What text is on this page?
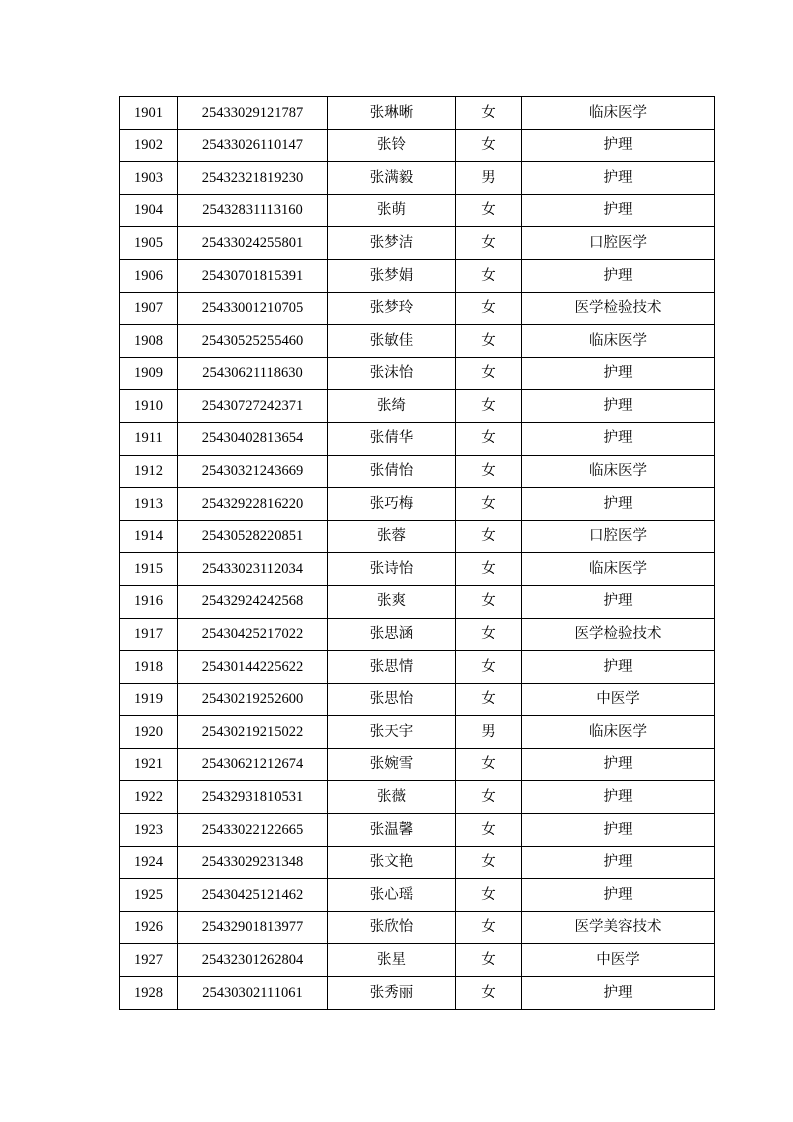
1901	25433029121787	张琳晰	女	临床医学
1902	25433026110147	张铃	女	护理
1903	25432321819230	张满毅	男	护理
1904	25432831113160	张萌	女	护理
1905	25433024255801	张梦洁	女	口腔医学
1906	25430701815391	张梦娟	女	护理
1907	25433001210705	张梦玲	女	医学检验技术
1908	25430525255460	张敏佳	女	临床医学
1909	25430621118630	张沫怡	女	护理
1910	25430727242371	张绮	女	护理
1911	25430402813654	张倩华	女	护理
1912	25430321243669	张倩怡	女	临床医学
1913	25432922816220	张巧梅	女	护理
1914	25430528220851	张蓉	女	口腔医学
1915	25433023112034	张诗怡	女	临床医学
1916	25432924242568	张爽	女	护理
1917	25430425217022	张思涵	女	医学检验技术
1918	25430144225622	张思情	女	护理
1919	25430219252600	张思怡	女	中医学
1920	25430219215022	张天宇	男	临床医学
1921	25430621212674	张婉雪	女	护理
1922	25432931810531	张薇	女	护理
1923	25433022122665	张温馨	女	护理
1924	25433029231348	张文艳	女	护理
1925	25430425121462	张心瑶	女	护理
1926	25432901813977	张欣怡	女	医学美容技术
1927	25432301262804	张星	女	中医学
1928	25430302111061	张秀丽	女	护理
